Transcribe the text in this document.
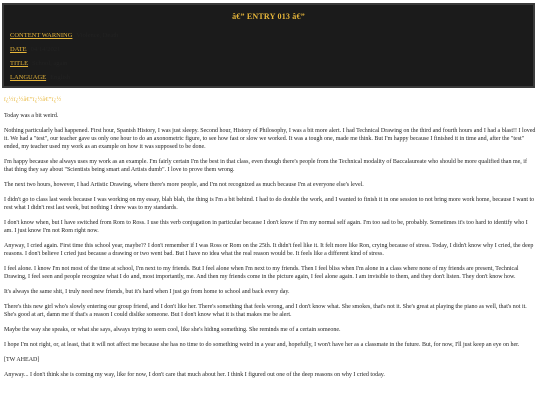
â€” ENTRY 013 â€”
CONTENT WARNING Violence, Death
DATE 04/14/2021
TITLE School, again
LANGUAGE English
ï¿½ï¿½â€”ï¿½â€”ï¿½

Today was a bit weird.

Nothing particularly bad happened. First hour, Spanish History, I was just sleepy. Second hour, History of Philosophy, I was a bit more alert. I had Technical Drawing on the third and fourth hours and I had a blast!! I loved it. We had a "test", our teacher gave us only one hour to do an axonometric figure, to see how fast or slow we worked. It was a tough one, made me think. But I'm happy because I finished it in time and, after the "test" ended, my teacher used my work as an example on how it was supposed to be done.

I'm happy because she always uses my work as an example. I'm fairly certain I'm the best in that class, even though there's people from the Technical modality of Baccalaureate who should be more qualified than me, if that thing they say about "Scientists being smart and Artists dumb". I love to prove them wrong.

The next two hours, however, I had Artistic Drawing, where there's more people, and I'm not recognized as much because I'm at everyone else's level.

I didn't go to class last week because I was working on my essay, blah blah, the thing is I'm a bit behind. I had to do double the work, and I wanted to finish it in one session to not bring more work home, because I want to rest what I didn't rest last week, but nothing I drew was to my standards.

I don't know when, but I have switched from Rom to Ross. I use this verb conjugation in particular because I don't know if I'm my normal self again. I'm too sad to be, probably. Sometimes it's too hard to identify who I am. I just know I'm not Rom right now.

Anyway, I cried again. First time this school year, maybe?? I don't remember if I was Ross or Rom on the 25th. It didn't feel like it. It felt more like Ron, crying because of stress. Today, I didn't know why I cried, the deep reasons. I don't believe I cried just because a drawing or two went bad. But I have no idea what the real reason would be. It feels like a different kind of stress.

I feel alone. I know I'm not most of the time at school, I'm next to my friends. But I feel alone when I'm next to my friends. Then I feel bliss when I'm alone in a class where none of my friends are present, Technical Drawing, I feel seen and people recognize what I do and, most importantly, me. And then my friends come in the picture again, I feel alone again. I am invisible to them, and they don't listen. They don't know how.

It's always the same shit, I truly need new friends, but it's hard when I just go from home to school and back every day.

There's this new girl who's slowly entering our group friend, and I don't like her. There's something that feels wrong, and I don't know what. She smokes, that's not it. She's great at playing the piano as well, that's not it. She's good at art, damn me if that's a reason I could dislike someone. But I don't know what it is that makes me be alert.

Maybe the way she speaks, or what she says, always trying to seem cool, like she's hiding something. She reminds me of a certain someone.

I hope I'm not right, or, at least, that it will not affect me because she has no time to do something weird in a year and, hopefully, I won't have her as a classmate in the future. But, for now, I'll just keep an eye on her.

[TW AHEAD]

Anyway... I don't think she is coming my way, like for now, I don't care that much about her. I think I figured out one of the deep reasons on why I cried today.
